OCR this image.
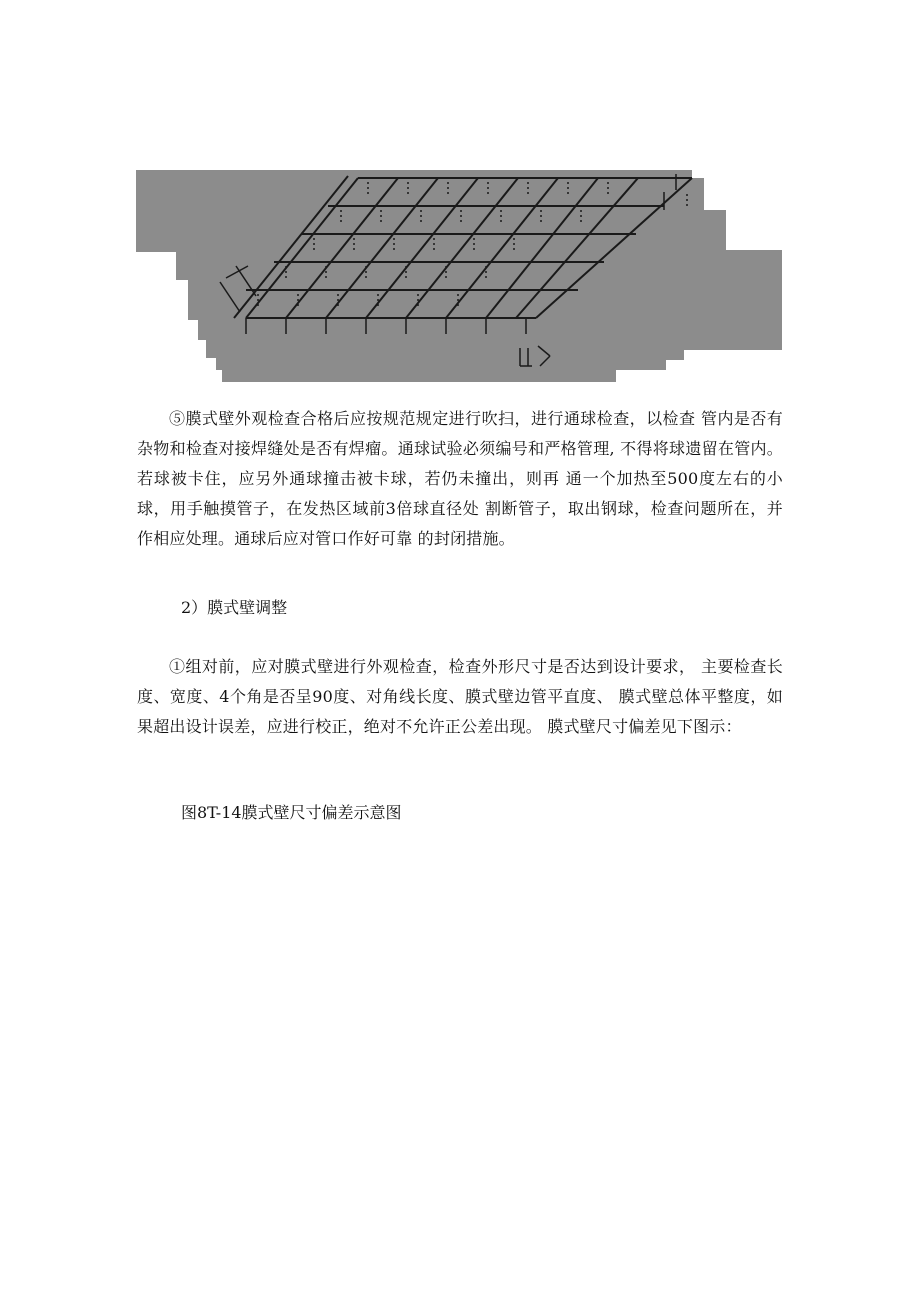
⑤膜式壁外观检查合格后应按规范规定进行吹扫，进行通球检查，以检查 管内是否有杂物和检查对接焊缝处是否有焊瘤。通球试验必须编号和严格管理, 不得将球遗留在管内。若球被卡住，应另外通球撞击被卡球，若仍未撞出，则再 通一个加热至500度左右的小球，用手触摸管子，在发热区域前3倍球直径处 割断管子，取出钢球，检查问题所在，并作相应处理。通球后应对管口作好可靠 的封闭措施。

2）膜式壁调整

①组对前，应对膜式壁进行外观检查，检查外形尺寸是否达到设计要求， 主要检查长度、宽度、4个角是否呈90度、对角线长度、膜式壁边管平直度、 膜式壁总体平整度，如果超出设计误差，应进行校正，绝对不允许正公差出现。 膜式壁尺寸偏差见下图示：

图8T-14膜式壁尺寸偏差示意图
